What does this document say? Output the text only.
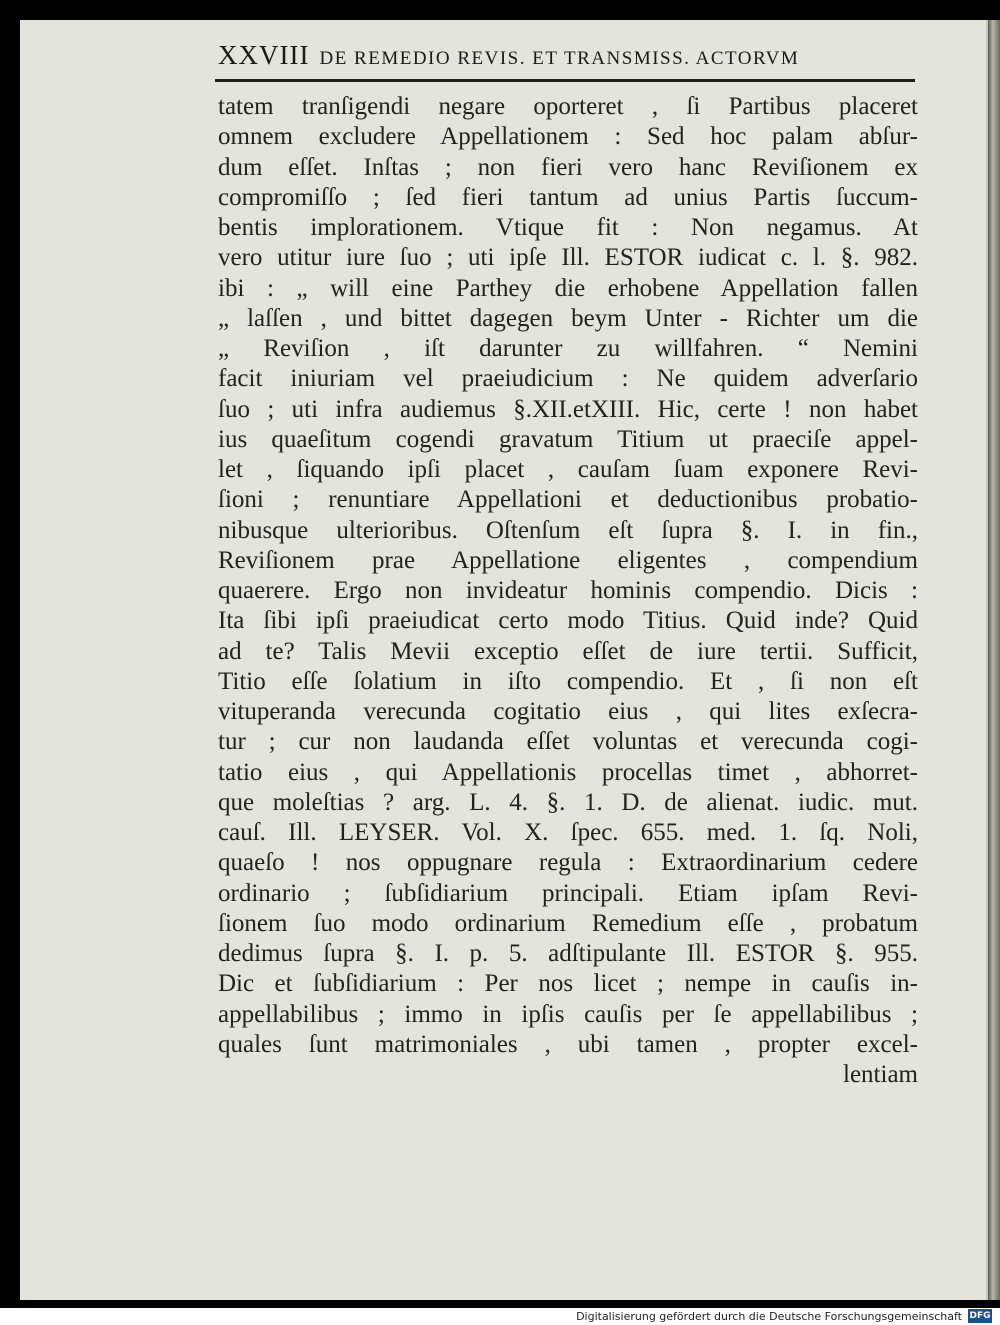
XXVIII DE REMEDIO REVIS. ET TRANSMISS. ACTORVM
tatem tranſigendi negare oporteret , ſi Partibus placeret
omnem excludere Appellationem : Sed hoc palam abſur-
dum eſſet. Inſtas ; non fieri vero hanc Reviſionem ex
compromiſſo ; ſed fieri tantum ad unius Partis ſuccum-
bentis implorationem. Vtique fit : Non negamus. At
vero utitur iure ſuo ; uti ipſe Ill. ESTOR iudicat c. l. §. 982.
ibi : „ will eine Parthey die erhobene Appellation fallen
„ laſſen , und bittet dagegen beym Unter - Richter um die
„ Reviſion , iſt darunter zu willfahren. “ Nemini
facit iniuriam vel praeiudicium : Ne quidem adverſario
ſuo ; uti infra audiemus §.XII.etXIII. Hic, certe ! non habet
ius quaeſitum cogendi gravatum Titium ut praeciſe appel-
let , ſiquando ipſi placet , cauſam ſuam exponere Revi-
ſioni ; renuntiare Appellationi et deductionibus probatio-
nibusque ulterioribus. Oſtenſum eſt ſupra §. I. in fin.,
Reviſionem prae Appellatione eligentes , compendium
quaerere. Ergo non invideatur hominis compendio. Dicis :
Ita ſibi ipſi praeiudicat certo modo Titius. Quid inde? Quid
ad te? Talis Mevii exceptio eſſet de iure tertii. Sufficit,
Titio eſſe ſolatium in iſto compendio. Et , ſi non eſt
vituperanda verecunda cogitatio eius , qui lites exſecra-
tur ; cur non laudanda eſſet voluntas et verecunda cogi-
tatio eius , qui Appellationis procellas timet , abhorret-
que moleſtias ? arg. L. 4. §. 1. D. de alienat. iudic. mut.
cauſ. Ill. LEYSER. Vol. X. ſpec. 655. med. 1. ſq. Noli,
quaeſo ! nos oppugnare regula : Extraordinarium cedere
ordinario ; ſubſidiarium principali. Etiam ipſam Revi-
ſionem ſuo modo ordinarium Remedium eſſe , probatum
dedimus ſupra §. I. p. 5. adſtipulante Ill. ESTOR §. 955.
Dic et ſubſidiarium : Per nos licet ; nempe in cauſis in-
appellabilibus ; immo in ipſis cauſis per ſe appellabilibus ;
quales ſunt matrimoniales , ubi tamen , propter excel-
lentiam
Digitalisierung gefördert durch die Deutsche Forschungsgemeinschaft DFG
